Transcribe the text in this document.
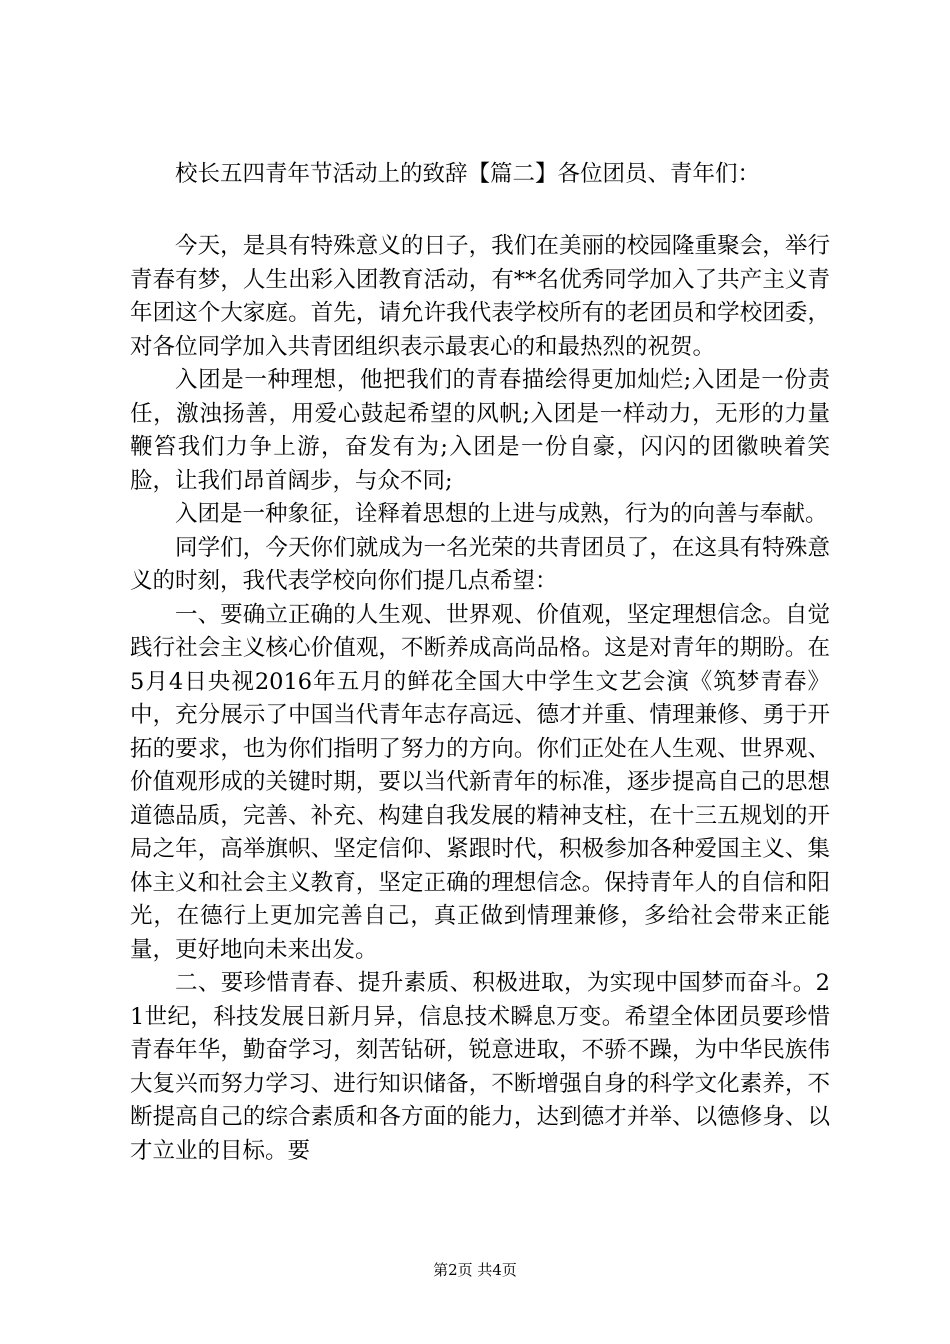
校长五四青年节活动上的致辞【篇二】各位团员、青年们：

今天，是具有特殊意义的日子，我们在美丽的校园隆重聚会，举行青春有梦，人生出彩入团教育活动，有**名优秀同学加入了共产主义青年团这个大家庭。首先，请允许我代表学校所有的老团员和学校团委，对各位同学加入共青团组织表示最衷心的和最热烈的祝贺。

入团是一种理想，他把我们的青春描绘得更加灿烂;入团是一份责任，激浊扬善，用爱心鼓起希望的风帆;入团是一样动力，无形的力量鞭笞我们力争上游，奋发有为;入团是一份自豪，闪闪的团徽映着笑脸，让我们昂首阔步，与众不同;

入团是一种象征，诠释着思想的上进与成熟，行为的向善与奉献。

同学们，今天你们就成为一名光荣的共青团员了，在这具有特殊意义的时刻，我代表学校向你们提几点希望：

一、要确立正确的人生观、世界观、价值观，坚定理想信念。自觉践行社会主义核心价值观，不断养成高尚品格。这是对青年的期盼。在5月4日央视2016年五月的鲜花全国大中学生文艺会演《筑梦青春》中，充分展示了中国当代青年志存高远、德才并重、情理兼修、勇于开拓的要求，也为你们指明了努力的方向。你们正处在人生观、世界观、价值观形成的关键时期，要以当代新青年的标准，逐步提高自己的思想道德品质，完善、补充、构建自我发展的精神支柱，在十三五规划的开局之年，高举旗帜、坚定信仰、紧跟时代，积极参加各种爱国主义、集体主义和社会主义教育，坚定正确的理想信念。保持青年人的自信和阳光，在德行上更加完善自己，真正做到情理兼修，多给社会带来正能量，更好地向未来出发。

二、要珍惜青春、提升素质、积极进取，为实现中国梦而奋斗。21世纪，科技发展日新月异，信息技术瞬息万变。希望全体团员要珍惜青春年华，勤奋学习，刻苦钻研，锐意进取，不骄不躁，为中华民族伟大复兴而努力学习、进行知识储备，不断增强自身的科学文化素养，不断提高自己的综合素质和各方面的能力，达到德才并举、以德修身、以才立业的目标。要

第2页 共4页
